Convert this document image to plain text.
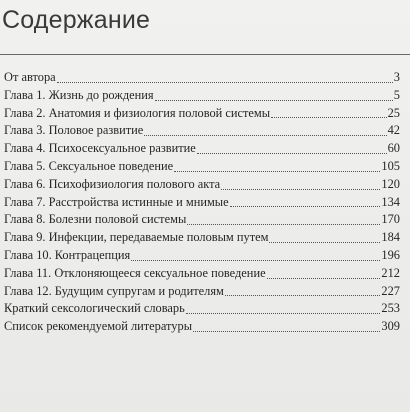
Содержание
От автора	3
Глава 1. Жизнь до рождения	5
Глава 2. Анатомия и физиология половой системы	25
Глава 3. Половое развитие	42
Глава 4. Психосексуальное развитие	60
Глава 5. Сексуальное поведение	105
Глава 6. Психофизиология полового акта	120
Глава 7. Расстройства истинные и мнимые	134
Глава 8. Болезни половой системы	170
Глава 9. Инфекции, передаваемые половым путем	184
Глава 10. Контрацепция	196
Глава 11. Отклоняющееся сексуальное поведение	212
Глава 12. Будущим супругам и родителям	227
Краткий сексологический словарь	253
Список рекомендуемой литературы	309
